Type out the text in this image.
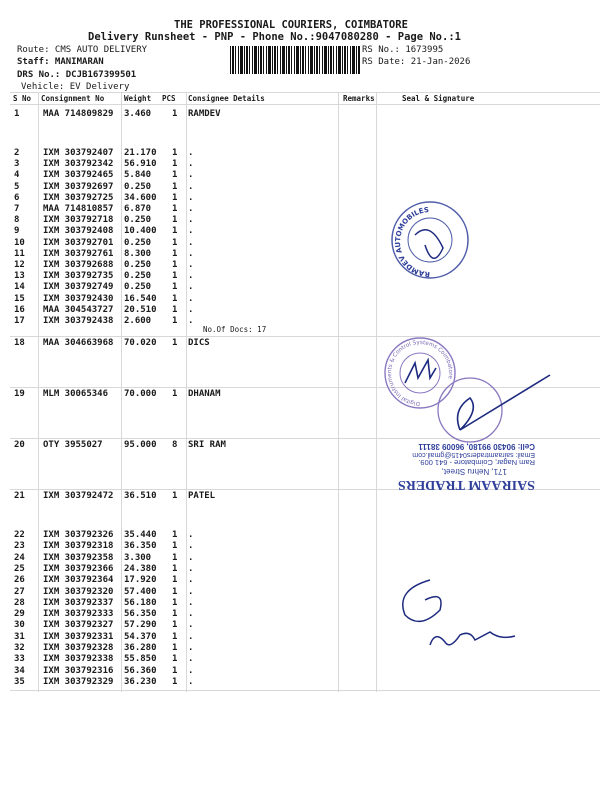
THE PROFESSIONAL COURIERS, COIMBATORE
Delivery Runsheet - PNP - Phone No.:9047080280 - Page No.:1
Route: CMS AUTO DELIVERY
Staff: MANIMARAN
DRS No.: DCJB167399501
Vehicle: EV Delivery
RS No.: 1673995
RS Date: 21-Jan-2026
S No Consignment No	Weight PCS Consignee Details	Remarks	Seal & Signature
1	MAA 714809829 3.460 1 RAMDEV
2	IXM 303792407 21.170 1 .
3	IXM 303792342 56.910 1 .
4	IXM 303792465 5.840 1 .
5	IXM 303792697 0.250 1 .
6	IXM 303792725 34.600 1 .
7	MAA 714810857 6.870 1 .
8	IXM 303792718 0.250 1 .
9	IXM 303792408 10.400 1 .
10 IXM 303792701 0.250 1 .
11 IXM 303792761 8.300 1 .
12 IXM 303792688 0.250 1 .
13 IXM 303792735 0.250 1 .
14 IXM 303792749 0.250 1 .
15 IXM 303792430 16.540 1 .
16 MAA 304543727 20.510 1 .
17 IXM 303792438 2.600 1 .
18 MAA 304663968 70.020 1 DICS
19 MLM 30065346 70.000 1 DHANAM
20 OTY 3955027 95.000 8 SRI RAM
21 IXM 303792472 36.510 1 PATEL
22 IXM 303792326 35.440 1 .
23 IXM 303792318 36.350 1 .
24 IXM 303792358 3.300 1 .
25 IXM 303792366 24.380 1 .
26 IXM 303792364 17.920 1 .
27 IXM 303792320 57.400 1 .
28 IXM 303792337 56.180 1 .
29 IXM 303792333 56.350 1 .
30 IXM 303792327 57.290 1 .
31 IXM 303792331 54.370 1 .
32 IXM 303792328 36.280 1 .
33 IXM 303792338 55.850 1 .
34 IXM 303792316 56.360 1 .
35 IXM 303792329 36.230 1 .
No.Of Docs: 17
RAMDEV AUTOMOBILES
Digital Instruments & Control Systems Coimbatore
SAIRAAM TRADERS
171, Nehru Street,
Ram Nagar, Coimbatore - 641 009.
Email: sairaamtraders0415@gmail.com
Cell: 90430 99180, 96009 38111
